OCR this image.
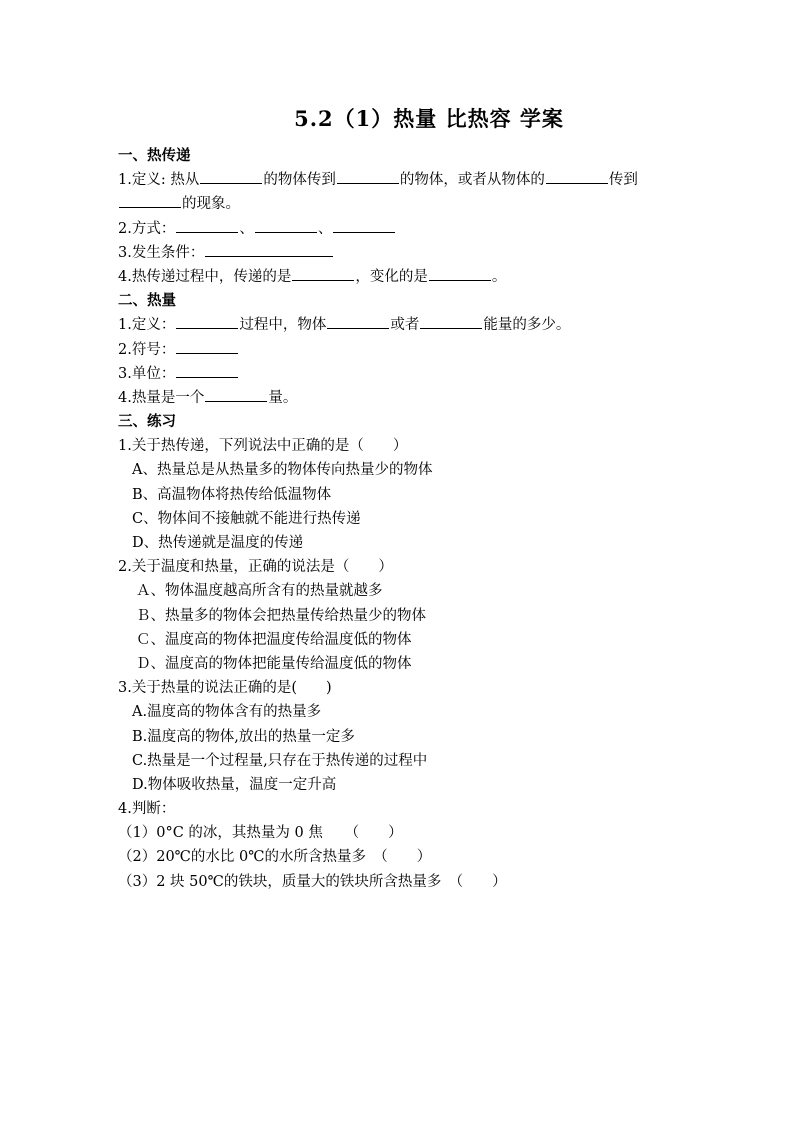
5.2（1）热量 比热容 学案
一、热传递
1.定义: 热从	的物体传到	的物体，或者从物体的	传到
的现象。
2.方式：	、	、
3.发生条件：
4.热传递过程中，传递的是	，变化的是	。
二、热量
1.定义：	过程中，物体	或者	能量的多少。
2.符号：
3.单位：
4.热量是一个	量。
三、练习
1.关于热传递，下列说法中正确的是（　　）
A、热量总是从热量多的物体传向热量少的物体
B、高温物体将热传给低温物体
C、物体间不接触就不能进行热传递
D、热传递就是温度的传递
2.关于温度和热量，正确的说法是（　　）
Ａ、物体温度越高所含有的热量就越多
Ｂ、热量多的物体会把热量传给热量少的物体
Ｃ、温度高的物体把温度传给温度低的物体
Ｄ、温度高的物体把能量传给温度低的物体
3.关于热量的说法正确的是(　　)
A.温度高的物体含有的热量多
B.温度高的物体,放出的热量一定多
C.热量是一个过程量,只存在于热传递的过程中
D.物体吸收热量，温度一定升高
4.判断：
（1）0°C 的冰，其热量为 0 焦　　（　　）
（2）20℃的水比 0℃的水所含热量多　（　　）
（3）2 块 50℃的铁块，质量大的铁块所含热量多　（　　）
